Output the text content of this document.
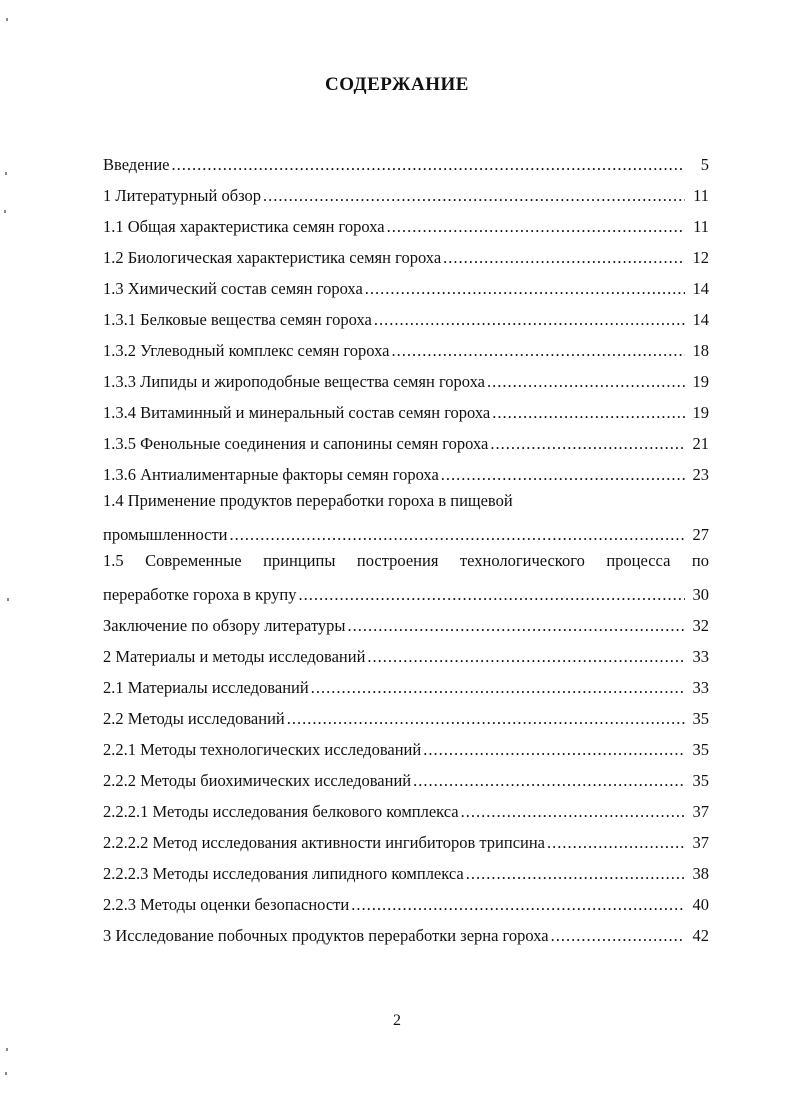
СОДЕРЖАНИЕ
Введение .....	5
1 Литературный обзор .....	11
1.1 Общая характеристика семян гороха .....	11
1.2 Биологическая характеристика семян гороха .....	12
1.3 Химический состав семян гороха .....	14
1.3.1 Белковые вещества семян гороха .....	14
1.3.2 Углеводный комплекс семян гороха .....	18
1.3.3 Липиды и жироподобные вещества семян гороха .....	19
1.3.4 Витаминный и минеральный состав семян гороха .....	19
1.3.5 Фенольные соединения и сапонины семян гороха .....	21
1.3.6 Антиалиментарные факторы семян гороха .....	23
1.4 Применение продуктов переработки гороха в пищевой
промышленности .....	27
1.5 Современные принципы построения технологического процесса по
переработке гороха в крупу .....	30
Заключение по обзору литературы .....	32
2 Материалы и методы исследований .....	33
2.1 Материалы исследований .....	33
2.2 Методы исследований .....	35
2.2.1 Методы технологических исследований .....	35
2.2.2 Методы биохимических исследований .....	35
2.2.2.1 Методы исследования белкового комплекса .....	37
2.2.2.2 Метод исследования активности ингибиторов трипсина .....	37
2.2.2.3 Методы исследования липидного комплекса .....	38
2.2.3 Методы оценки безопасности .....	40
3 Исследование побочных продуктов переработки зерна гороха .....	42
2
